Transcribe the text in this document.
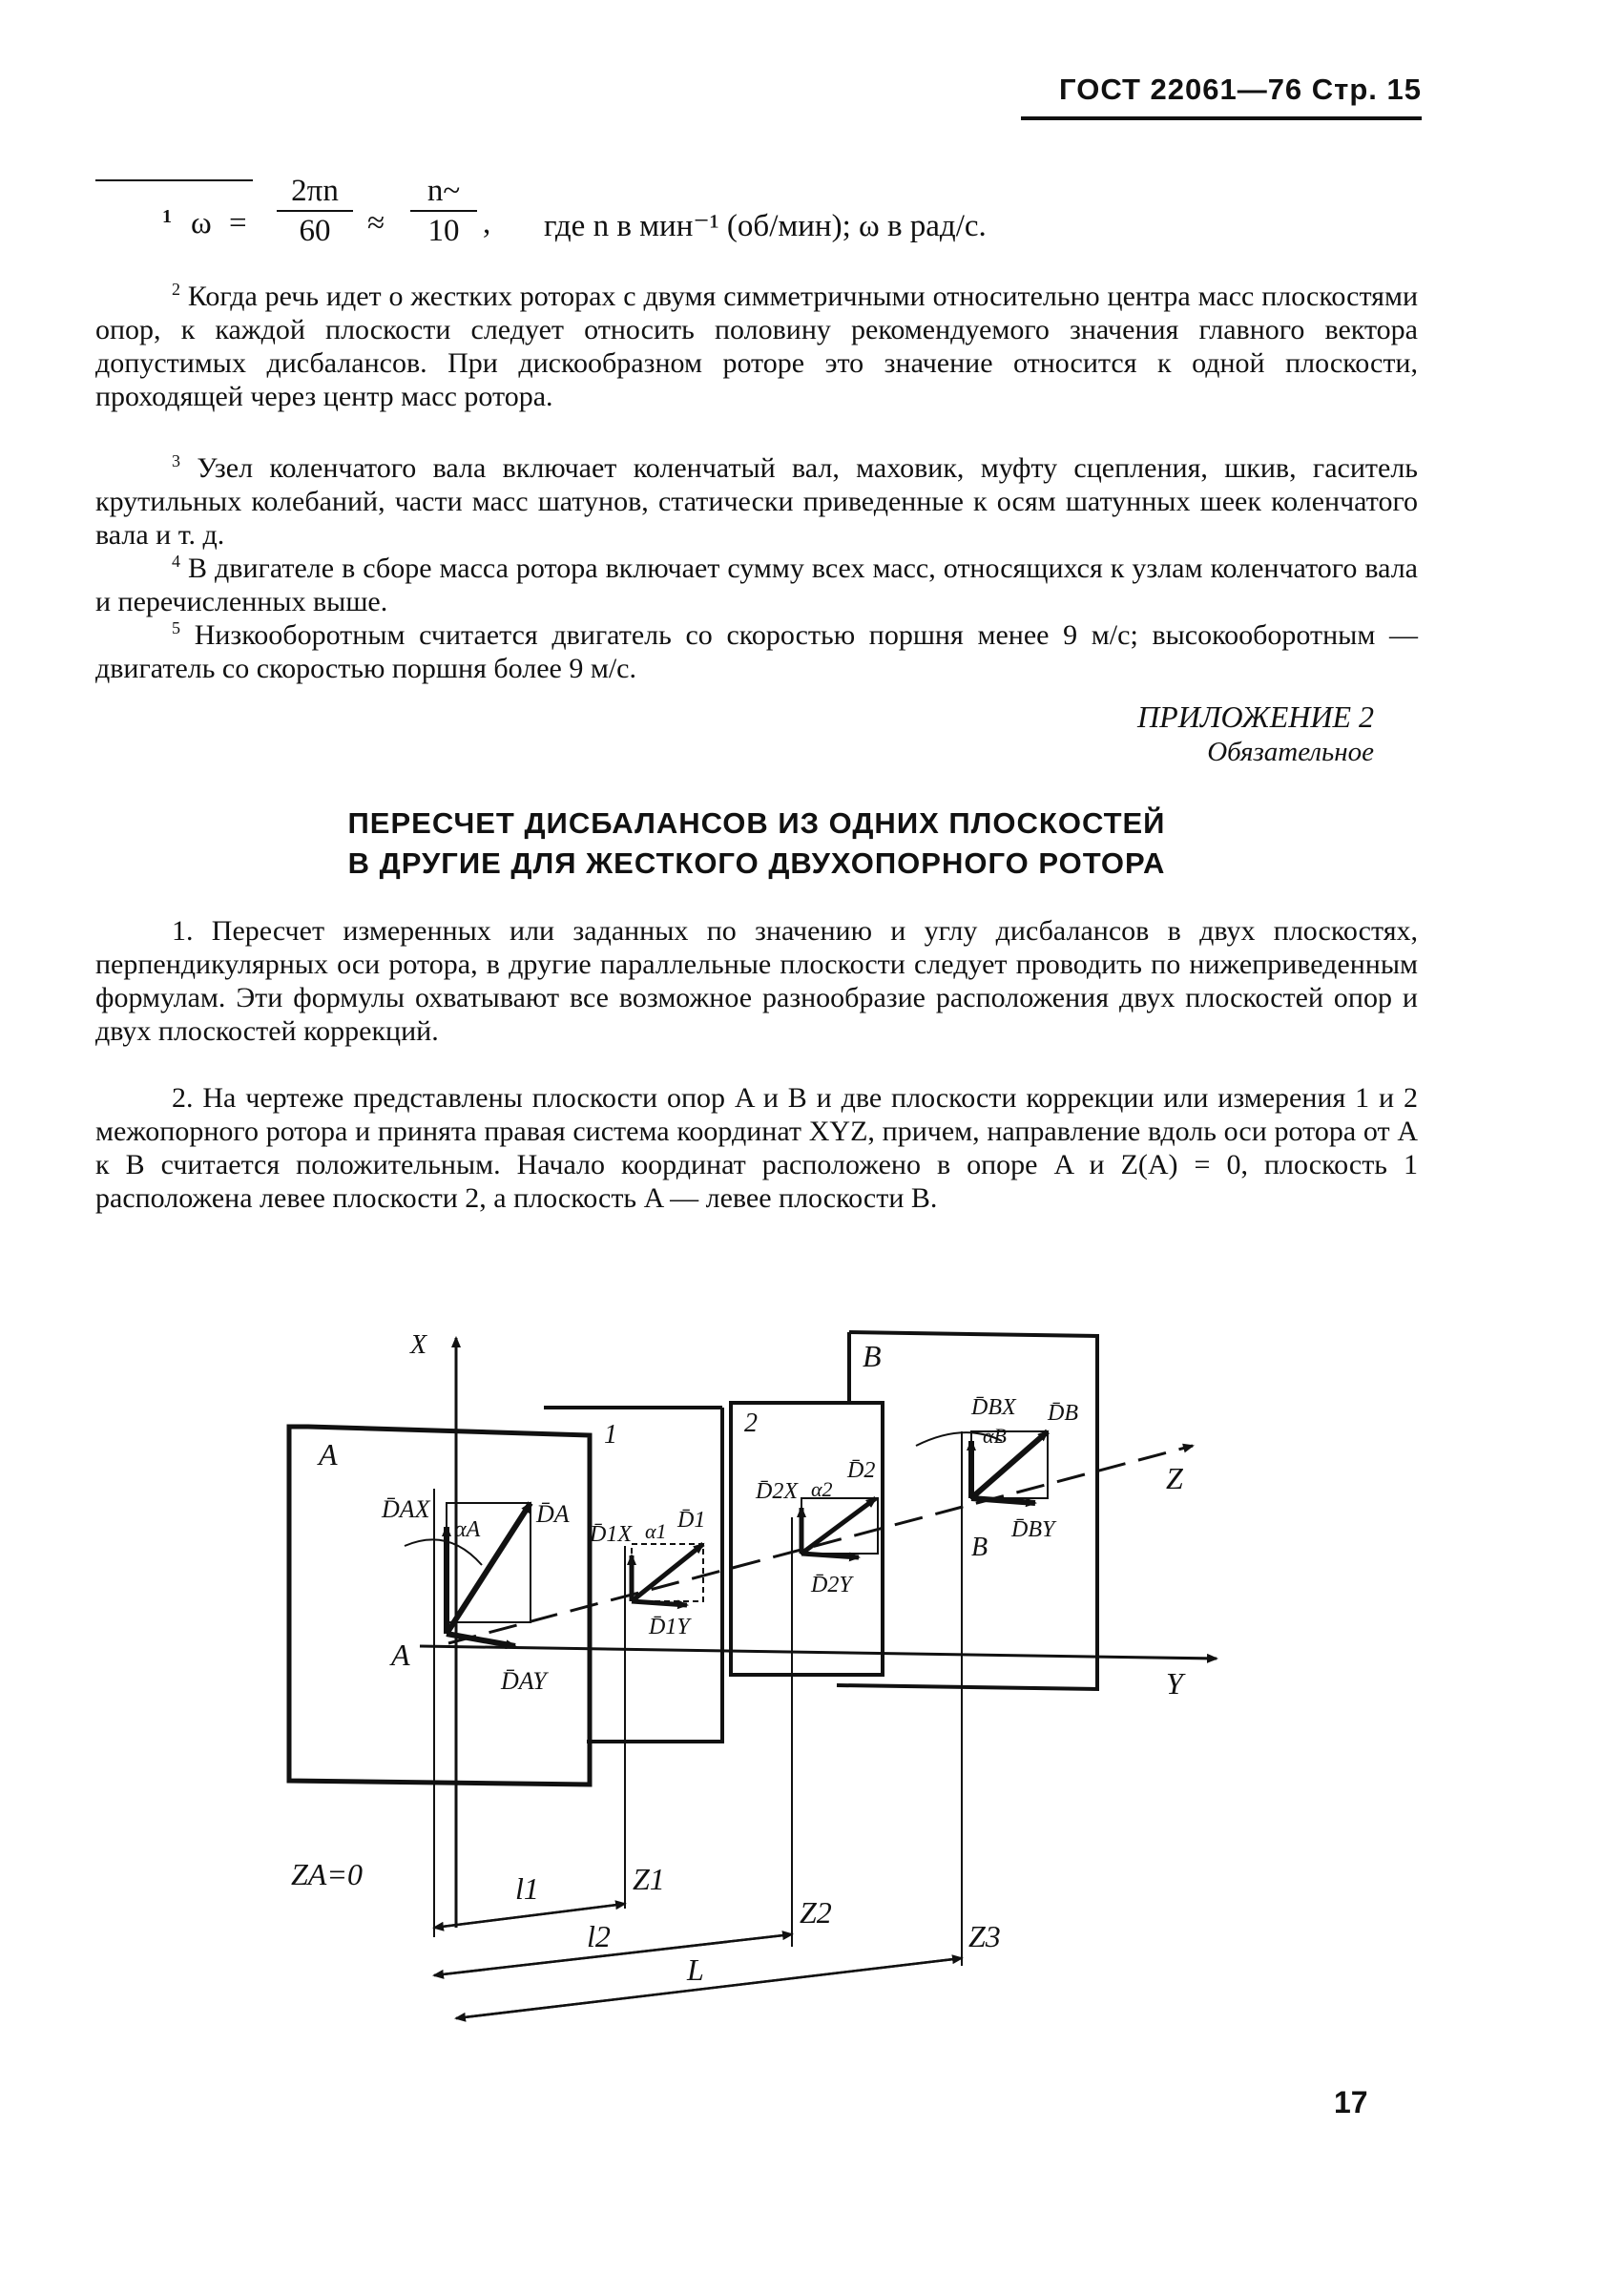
ГОСТ 22061—76 Стр. 15
1 $\omega = \frac{2\pi n}{60} \approx \frac{n\sim}{10}$ , где n в мин⁻¹ (об/мин); ω в рад/с.

$^2$ Когда речь идет о жестких роторах с двумя симметричными относительно центра масс плоскостями опор, к каждой плоскости следует относить половину рекомендуемого значения главного вектора допустимых дисбалансов. При дискообразном роторе это значение относится к одной плоскости, проходящей через центр масс ротора.

$^3$ Узел коленчатого вала включает коленчатый вал, маховик, муфту сцепления, шкив, гаситель крутильных колебаний, части масс шатунов, статически приведенные к осям шатунных шеек коленчатого вала и т. д.

$^4$ В двигателе в сборе масса ротора включает сумму всех масс, относящихся к узлам коленчатого вала и перечисленных выше.

$^5$ Низкооборотным считается двигатель со скоростью поршня менее 9 м/с; высокооборотным — двигатель со скоростью поршня более 9 м/с.

ПРИЛОЖЕНИЕ 2
Обязательное
ПЕРЕСЧЕТ ДИСБАЛАНСОВ ИЗ ОДНИХ ПЛОСКОСТЕЙ
В ДРУГИЕ ДЛЯ ЖЕСТКОГО ДВУХОПОРНОГО РОТОРА

1. Пересчет измеренных или заданных по значению и углу дисбалансов в двух плоскостях, перпендикулярных оси ротора, в другие параллельные плоскости следует проводить по нижеприведенным формулам. Эти формулы охватывают все возможное разнообразие расположения двух плоскостей опор и двух плоскостей коррекций.

2. На чертеже представлены плоскости опор A и B и две плоскости коррекции или измерения 1 и 2 межопорного ротора и принята правая система координат XYZ, причем, направление вдоль оси ротора от A к B считается положительным. Начало координат расположено в опоре A и Z(A) = 0, плоскость 1 расположена левее плоскости 2, а плоскость A — левее плоскости B.

A
1	2
B
X
Z
Y
A
B
D̄AX	D̄A
αA
D̄AY
D̄1X α1 D̄1
D̄1Y
D̄2X α2
D̄2
D̄2Y
D̄BX D̄B
αB
D̄BY
ZA=0	Z1
Z2
Z3
l1
l2
L
17
